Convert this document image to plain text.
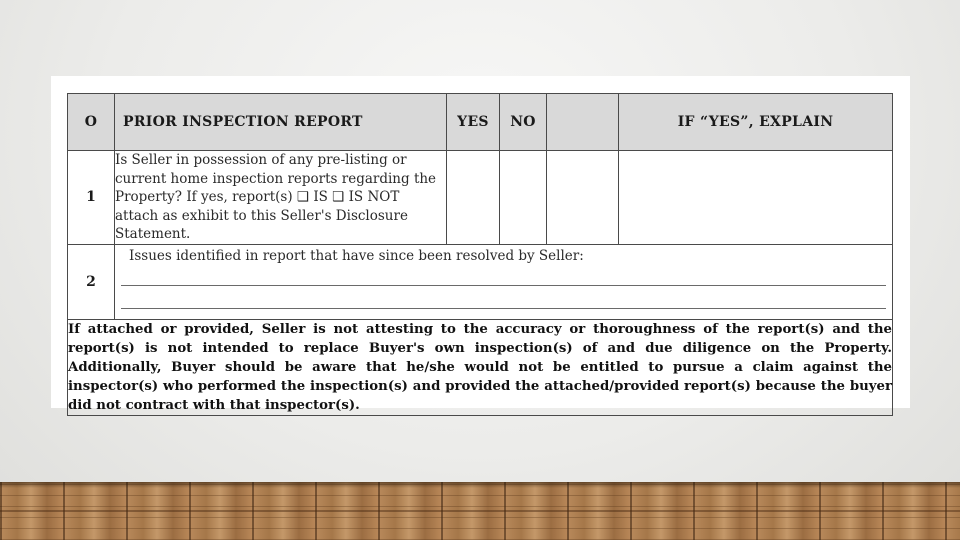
O	PRIOR INSPECTION REPORT	YES	NO		IF “YES”, EXPLAIN
1	Is Seller in possession of any pre-listing or current home inspection reports regarding the Property? If yes, report(s) ❑ IS ❑ IS NOT attach as exhibit to this Seller's Disclosure Statement.				
2	Issues identified in report that have since been resolved by Seller:				

If attached or provided, Seller is not attesting to the accuracy or thoroughness of the report(s) and the report(s) is not intended to replace Buyer's own inspection(s) of and due diligence on the Property. Additionally, Buyer should be aware that he/she would not be entitled to pursue a claim against the inspector(s) who performed the inspection(s) and provided the attached/provided report(s) because the buyer did not contract with that inspector(s).					
